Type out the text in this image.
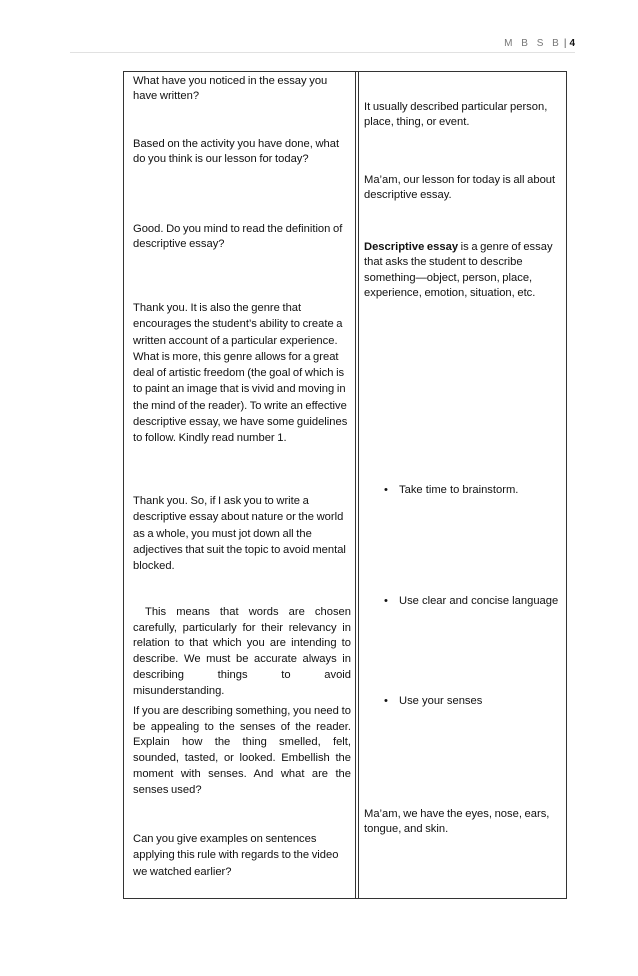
M B S B | 4
What have you noticed in the essay you have written?
Based on the activity you have done, what do you think is our lesson for today?
Good. Do you mind to read the definition of descriptive essay?
Thank you. It is also the genre that encourages the student’s ability to create a written account of a particular experience. What is more, this genre allows for a great deal of artistic freedom (the goal of which is to paint an image that is vivid and moving in the mind of the reader). To write an effective descriptive essay, we have some guidelines to follow. Kindly read number 1.
Thank you. So, if I ask you to write a descriptive essay about nature or the world as a whole, you must jot down all the adjectives that suit the topic to avoid mental blocked.
This means that words are chosen carefully, particularly for their relevancy in relation to that which you are intending to describe. We must be accurate always in describing things to avoid misunderstanding.
If you are describing something, you need to be appealing to the senses of the reader. Explain how the thing smelled, felt, sounded, tasted, or looked. Embellish the moment with senses. And what are the senses used?
Can you give examples on sentences applying this rule with regards to the video we watched earlier?
It usually described particular person, place, thing, or event.
Ma’am, our lesson for today is all about descriptive essay.
Descriptive essay is a genre of essay that asks the student to describe something—object, person, place, experience, emotion, situation, etc.
• Take time to brainstorm.
• Use clear and concise language
• Use your senses
Ma’am, we have the eyes, nose, ears, tongue, and skin.
